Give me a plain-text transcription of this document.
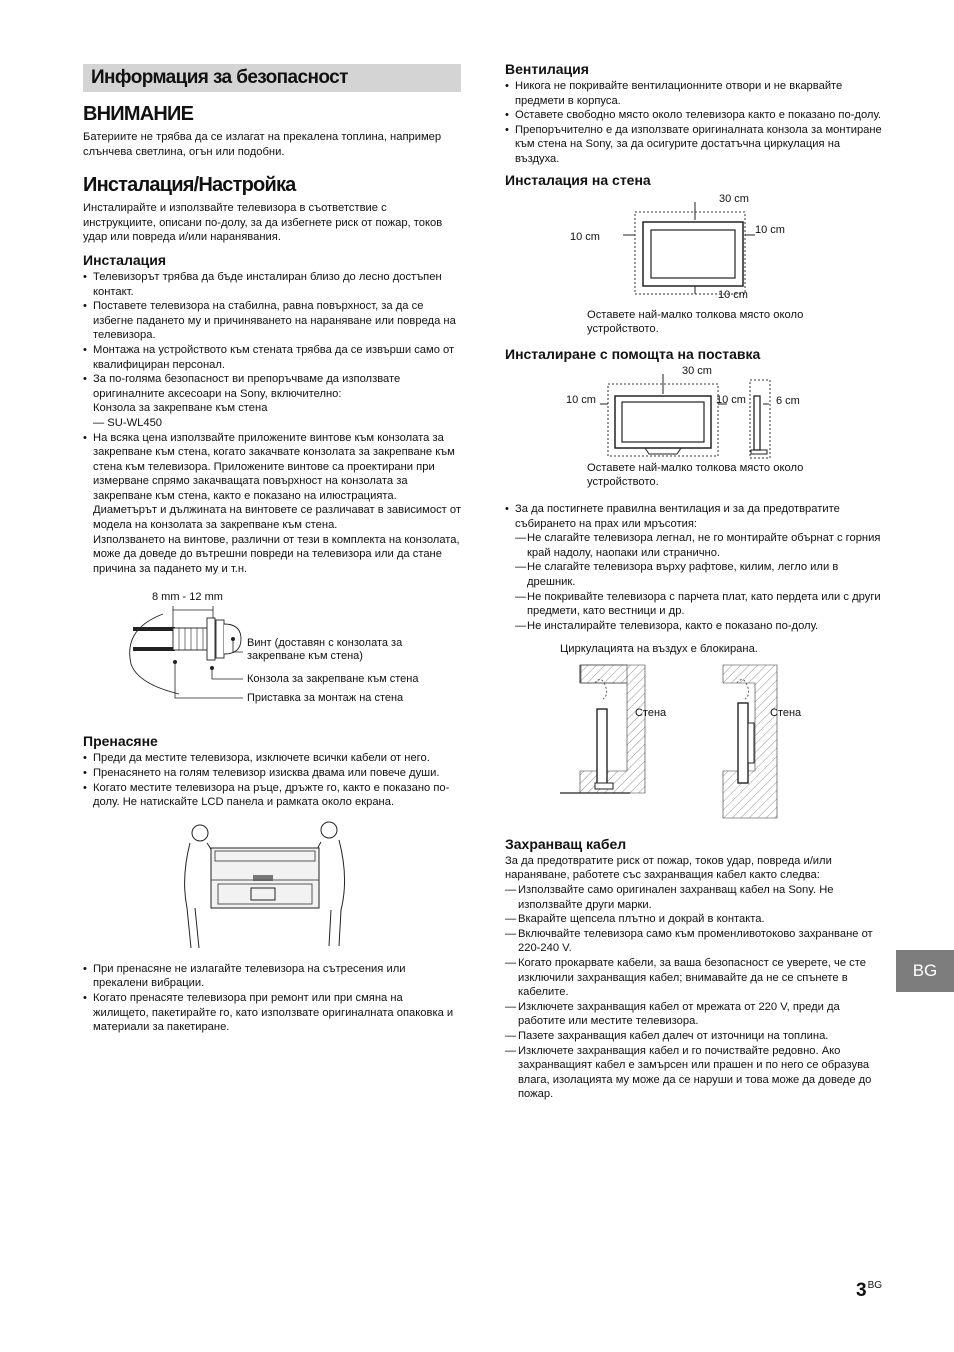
Информация за безопасност
ВНИМАНИЕ

Батериите не трябва да се излагат на прекалена топлина, например слънчева светлина, огън или подобни.

Инсталация/Настройка

Инсталирайте и използвайте телевизора в съответствие с инструкциите, описани по-долу, за да избегнете риск от пожар, токов удар или повреда и/или наранявания.

Инсталация
• Телевизорът трябва да бъде инсталиран близо до лесно достъпен контакт.
• Поставете телевизора на стабилна, равна повърхност, за да се избегне падането му и причиняването на нараняване или повреда на телевизора.
• Монтажа на устройството към стената трябва да се извърши само от квалифициран персонал.
• За по-голяма безопасност ви препоръчваме да използвате оригиналните аксесоари на Sony, включително:
Конзола за закрепване към стена
— SU-WL450
• На всяка цена използвайте приложените винтове към конзолата за закрепване към стена, когато закачвате конзолата за закрепване към стена към телевизора. Приложените винтове са проектирани при измерване спрямо закачващата повърхност на конзолата за закрепване към стена, както е показано на илюстрацията. Диаметърът и дължината на винтовете се различават в зависимост от модела на конзолата за закрепване към стена.
Използването на винтове, различни от тези в комплекта на конзолата, може да доведе до вътрешни повреди на телевизора или да стане причина за падането му и т.н.
8 mm - 12 mm
Винт (доставян с конзолата за закрепване към стена)
Конзола за закрепване към стена
Приставка за монтаж на стена
Пренасяне
• Преди да местите телевизора, изключете всички кабели от него.
• Пренасянето на голям телевизор изисква двама или повече души.
• Когато местите телевизора на ръце, дръжте го, както е показано по-долу. Не натискайте LCD панела и рамката около екрана.
• При пренасяне не излагайте телевизора на сътресения или прекалени вибрации.
• Когато пренасяте телевизора при ремонт или при смяна на жилището, пакетирайте го, като използвате оригиналната опаковка и материали за пакетиране.
Вентилация
• Никога не покривайте вентилационните отвори и не вкарвайте предмети в корпуса.
• Оставете свободно място около телевизора както е показано по-долу.
• Препоръчително е да използвате оригиналната конзола за монтиране към стена на Sony, за да осигурите достатъчна циркулация на въздуха.
Инсталация на стена
30 cm
10 cm
10 cm
10 cm
Оставете най-малко толкова място около устройството.
Инсталиране с помощта на поставка
30 cm
10 cm	10 cm	6 cm
Оставете най-малко толкова място около устройството.
• За да постигнете правилна вентилация и за да предотвратите събирането на прах или мръсотия:
— Не слагайте телевизора легнал, не го монтирайте обърнат с горния край надолу, наопаки или странично.
— Не слагайте телевизора върху рафтове, килим, легло или в дрешник.
— Не покривайте телевизора с парчета плат, като пердета или с други предмети, като вестници и др.
— Не инсталирайте телевизора, както е показано по-долу.
Циркулацията на въздух е блокирана.
Стена	Стена
Захранващ кабел

За да предотвратите риск от пожар, токов удар, повреда и/или нараняване, работете със захранващия кабел както следва:

— Използвайте само оригинален захранващ кабел на Sony. Не използвайте други марки.
— Вкарайте щепсела плътно и докрай в контакта.
— Включвайте телевизора само към променливотоково захранване от 220-240 V.
— Когато прокарвате кабели, за ваша безопасност се уверете, че сте изключили захранващия кабел; внимавайте да не се спънете в кабелите.
— Изключете захранващия кабел от мрежата от 220 V, преди да работите или местите телевизора.
— Пазете захранващия кабел далеч от източници на топлина.
— Изключете захранващия кабел и го почиствайте редовно. Ако захранващият кабел е замърсен или прашен и по него се образува влага, изолацията му може да се наруши и това може да доведе до пожар.
BG
$3^{BG}$
